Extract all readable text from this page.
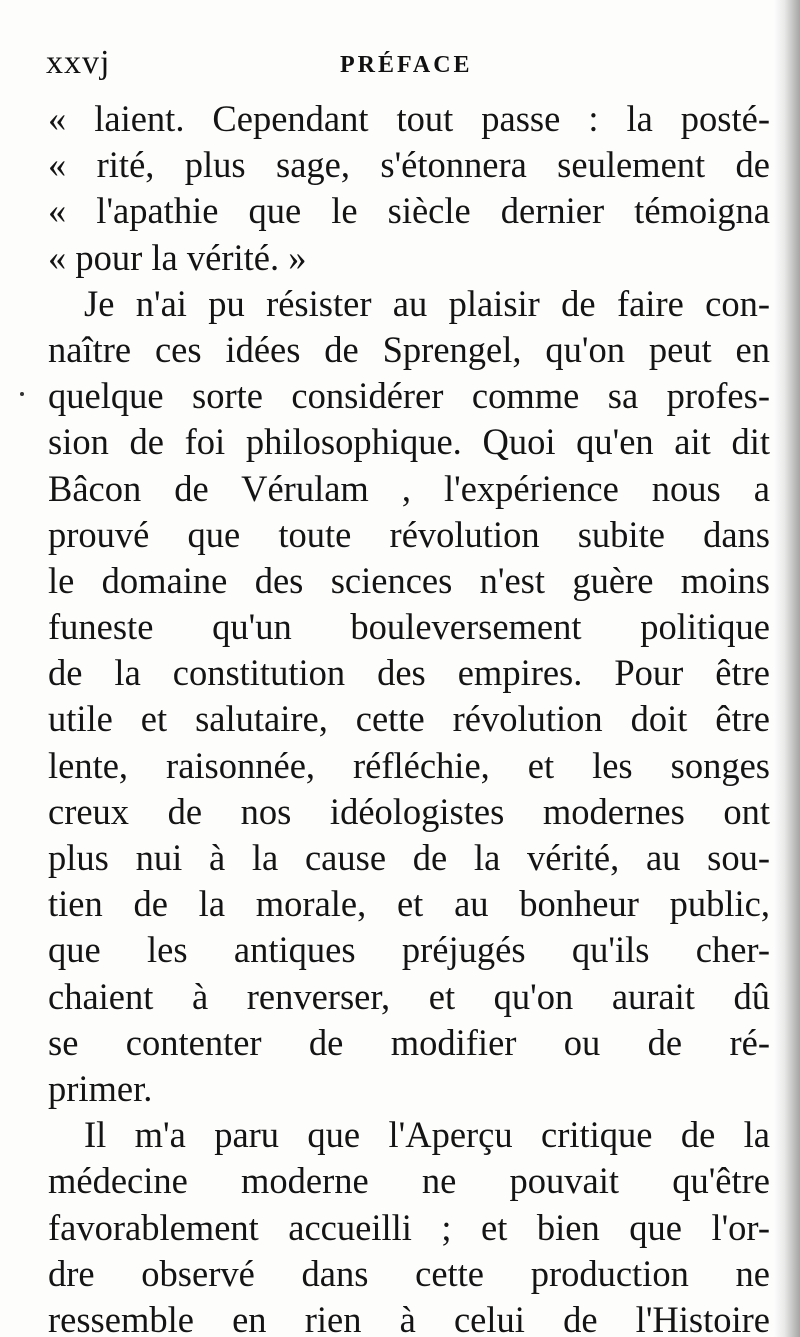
xxvj	PRÉFACE
« laient. Cependant tout passe : la posté-
« rité, plus sage, s'étonnera seulement de
« l'apathie que le siècle dernier témoigna
« pour la vérité. »
Je n'ai pu résister au plaisir de faire con-
naître ces idées de Sprengel, qu'on peut en
quelque sorte considérer comme sa profes-
sion de foi philosophique. Quoi qu'en ait dit
Bâcon de Vérulam , l'expérience nous a
prouvé que toute révolution subite dans
le domaine des sciences n'est guère moins
funeste qu'un bouleversement politique
de la constitution des empires. Pour être
utile et salutaire, cette révolution doit être
lente, raisonnée, réfléchie, et les songes
creux de nos idéologistes modernes ont
plus nui à la cause de la vérité, au sou-
tien de la morale, et au bonheur public,
que les antiques préjugés qu'ils cher-
chaient à renverser, et qu'on aurait dû
se contenter de modifier ou de ré-
primer.
Il m'a paru que l'Aperçu critique de la
médecine moderne ne pouvait qu'être
favorablement accueilli ; et bien que l'or-
dre observé dans cette production ne
ressemble en rien à celui de l'Histoire
